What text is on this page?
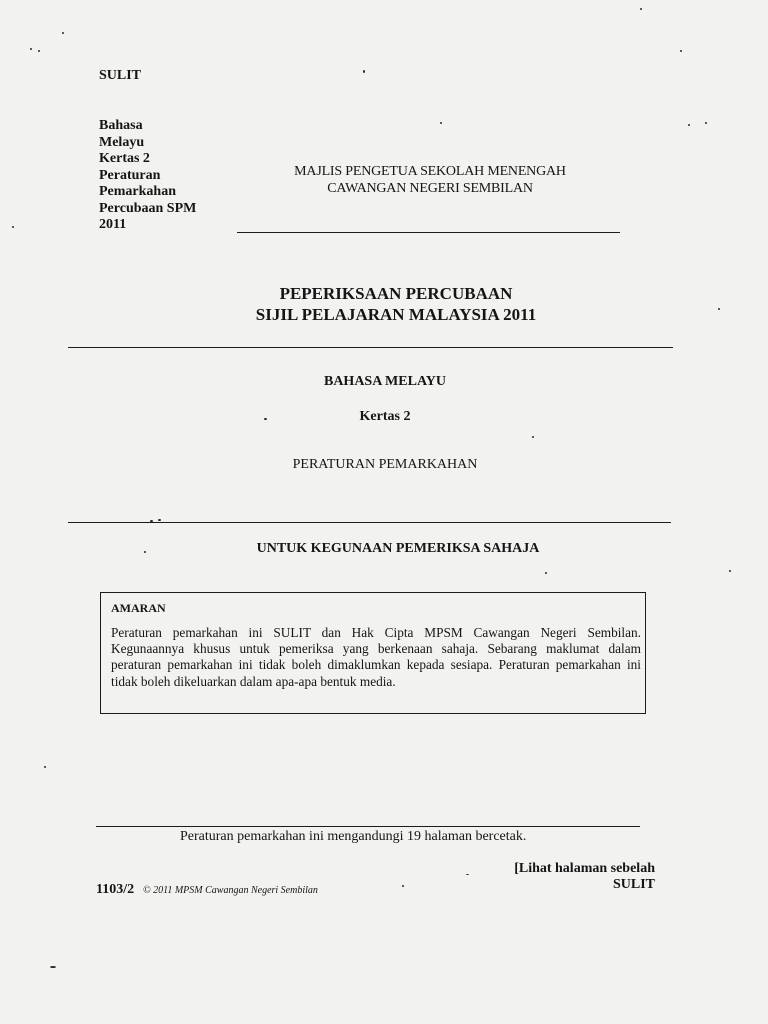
SULIT
Bahasa
Melayu
Kertas 2
Peraturan
Pemarkahan
Percubaan SPM
2011
MAJLIS PENGETUA SEKOLAH MENENGAH
CAWANGAN NEGERI SEMBILAN
PEPERIKSAAN PERCUBAAN
SIJIL PELAJARAN MALAYSIA 2011
BAHASA MELAYU
Kertas 2
PERATURAN PEMARKAHAN
UNTUK KEGUNAAN PEMERIKSA SAHAJA
AMARAN
Peraturan pemarkahan ini SULIT dan Hak Cipta MPSM Cawangan Negeri Sembilan. Kegunaannya khusus untuk pemeriksa yang berkenaan sahaja. Sebarang maklumat dalam peraturan pemarkahan ini tidak boleh dimaklumkan kepada sesiapa. Peraturan pemarkahan ini tidak boleh dikeluarkan dalam apa-apa bentuk media.
Peraturan pemarkahan ini mengandungi 19 halaman bercetak.
[Lihat halaman sebelah
SULIT
1103/2 © 2011 MPSM Cawangan Negeri Sembilan
